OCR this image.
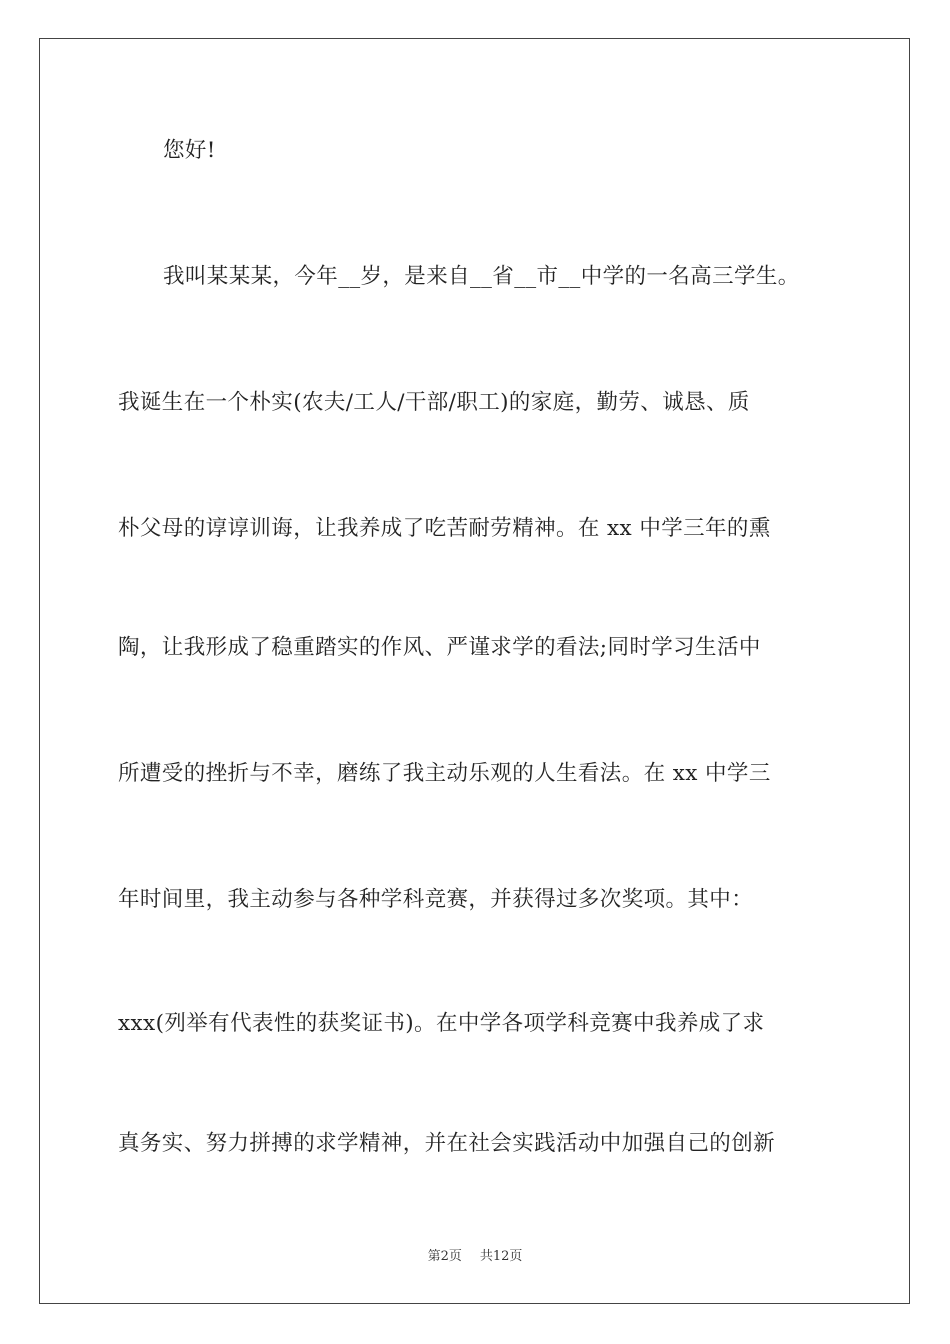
您好!
我叫某某某，今年__岁，是来自__省__市__中学的一名高三学生。
我诞生在一个朴实(农夫/工人/干部/职工)的家庭，勤劳、诚恳、质
朴父母的谆谆训诲，让我养成了吃苦耐劳精神。在 xx 中学三年的熏
陶，让我形成了稳重踏实的作风、严谨求学的看法;同时学习生活中
所遭受的挫折与不幸，磨练了我主动乐观的人生看法。在 xx 中学三
年时间里，我主动参与各种学科竞赛，并获得过多次奖项。其中：
xxx(列举有代表性的获奖证书)。在中学各项学科竞赛中我养成了求
真务实、努力拼搏的求学精神，并在社会实践活动中加强自己的创新
第2页 共12页
